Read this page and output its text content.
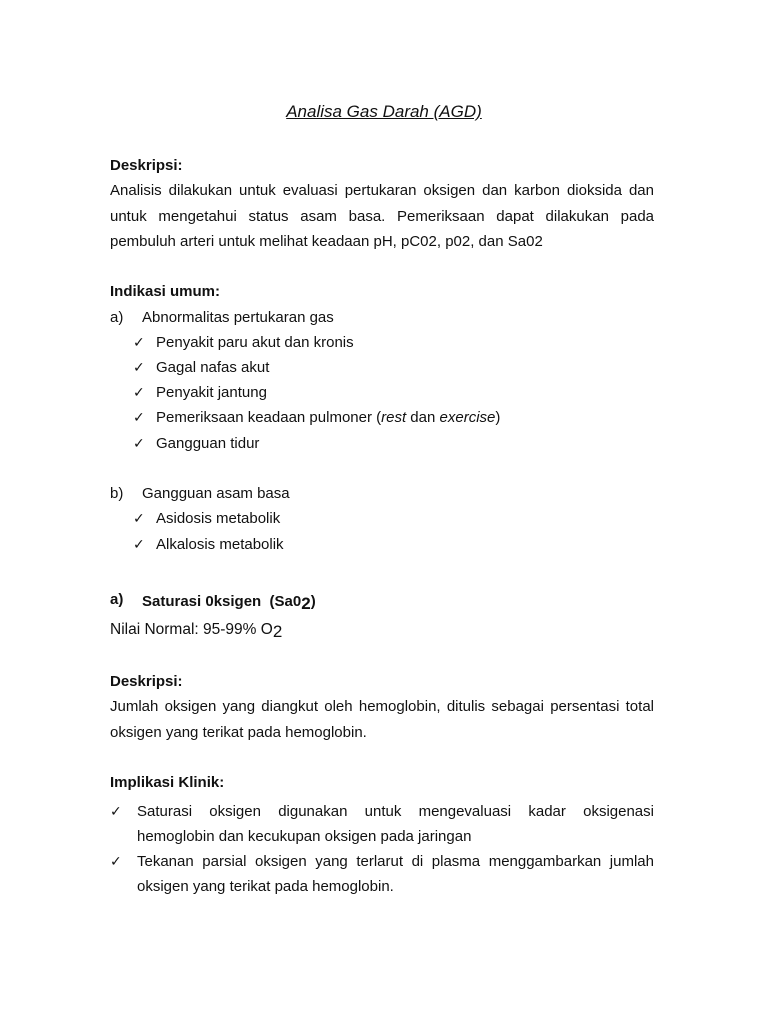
Analisa Gas Darah (AGD)

Deskripsi:

Analisis dilakukan untuk evaluasi pertukaran oksigen dan karbon dioksida dan untuk mengetahui status asam basa. Pemeriksaan dapat dilakukan pada pembuluh arteri untuk melihat keadaan pH, pC02, p02, dan Sa02

Indikasi umum:

a) Abnormalitas pertukaran gas

✓ Penyakit paru akut dan kronis

✓ Gagal nafas akut

✓ Penyakit jantung

✓ Pemeriksaan keadaan pulmoner (rest dan exercise)

✓ Gangguan tidur

b) Gangguan asam basa

✓ Asidosis metabolik

✓ Alkalosis metabolik

a) Saturasi 0ksigen  (Sa02)

Nilai Normal: 95-99% O2

Deskripsi:

Jumlah oksigen yang diangkut oleh hemoglobin, ditulis sebagai persentasi total oksigen yang terikat pada hemoglobin.

Implikasi Klinik:

✓ Saturasi oksigen digunakan untuk mengevaluasi kadar oksigenasi hemoglobin dan kecukupan oksigen pada jaringan

✓ Tekanan parsial oksigen yang terlarut di plasma menggambarkan jumlah oksigen yang terikat pada hemoglobin.
